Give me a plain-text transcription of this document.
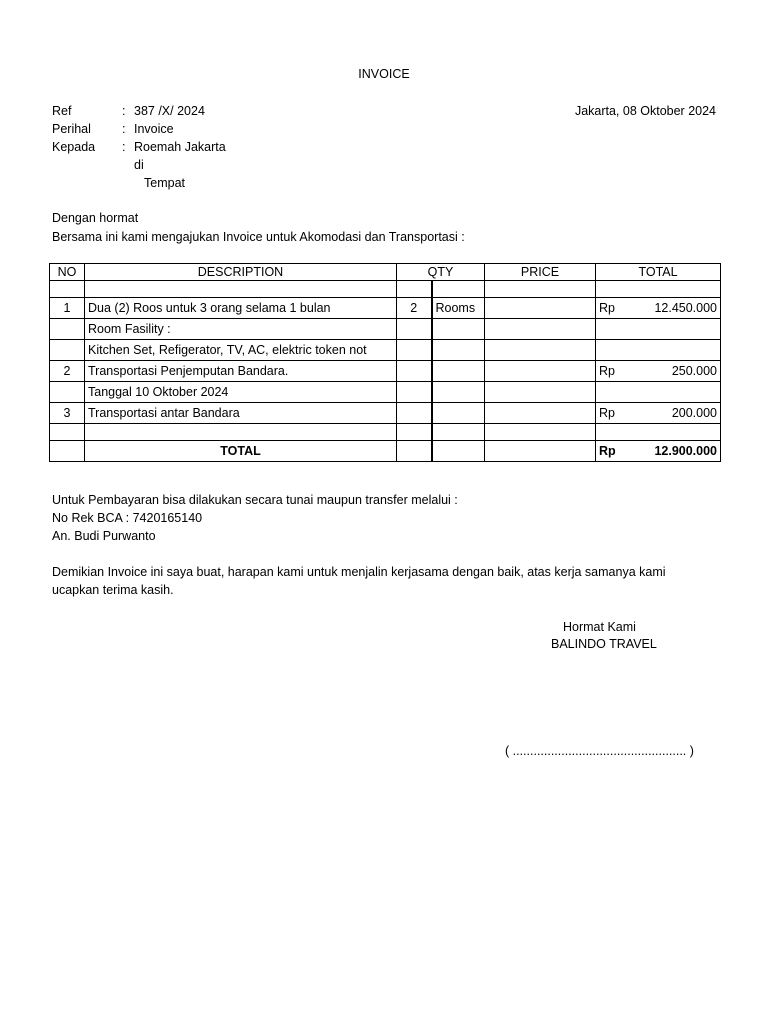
INVOICE
Jakarta, 08 Oktober 2024
Ref	: 387 /X/ 2024
Perihal : Invoice
Kepada : Roemah Jakarta
di
Tempat
Dengan hormat
Bersama ini kami mengajukan Invoice untuk Akomodasi dan Transportasi :
NO	DESCRIPTION	QTY		PRICE	TOTAL

1	Dua (2) Roos untuk 3 orang selama 1 bulan	2	Rooms		Rp 12.450.000

	Room Fasility :				

	Kitchen Set, Refigerator, TV, AC, elektric token not				

2	Transportasi Penjemputan Bandara.				Rp 250.000

	Tanggal 10 Oktober 2024				

3	Transportasi antar Bandara				Rp 200.000

	TOTAL				Rp 12.900.000
Untuk Pembayaran bisa dilakukan secara tunai maupun transfer melalui :
No Rek BCA : 7420165140
An. Budi Purwanto
Demikian Invoice ini saya buat, harapan kami untuk menjalin kerjasama dengan baik, atas kerja samanya kami
ucapkan terima kasih.
Hormat Kami
BALINDO TRAVEL
( .................................................. )
